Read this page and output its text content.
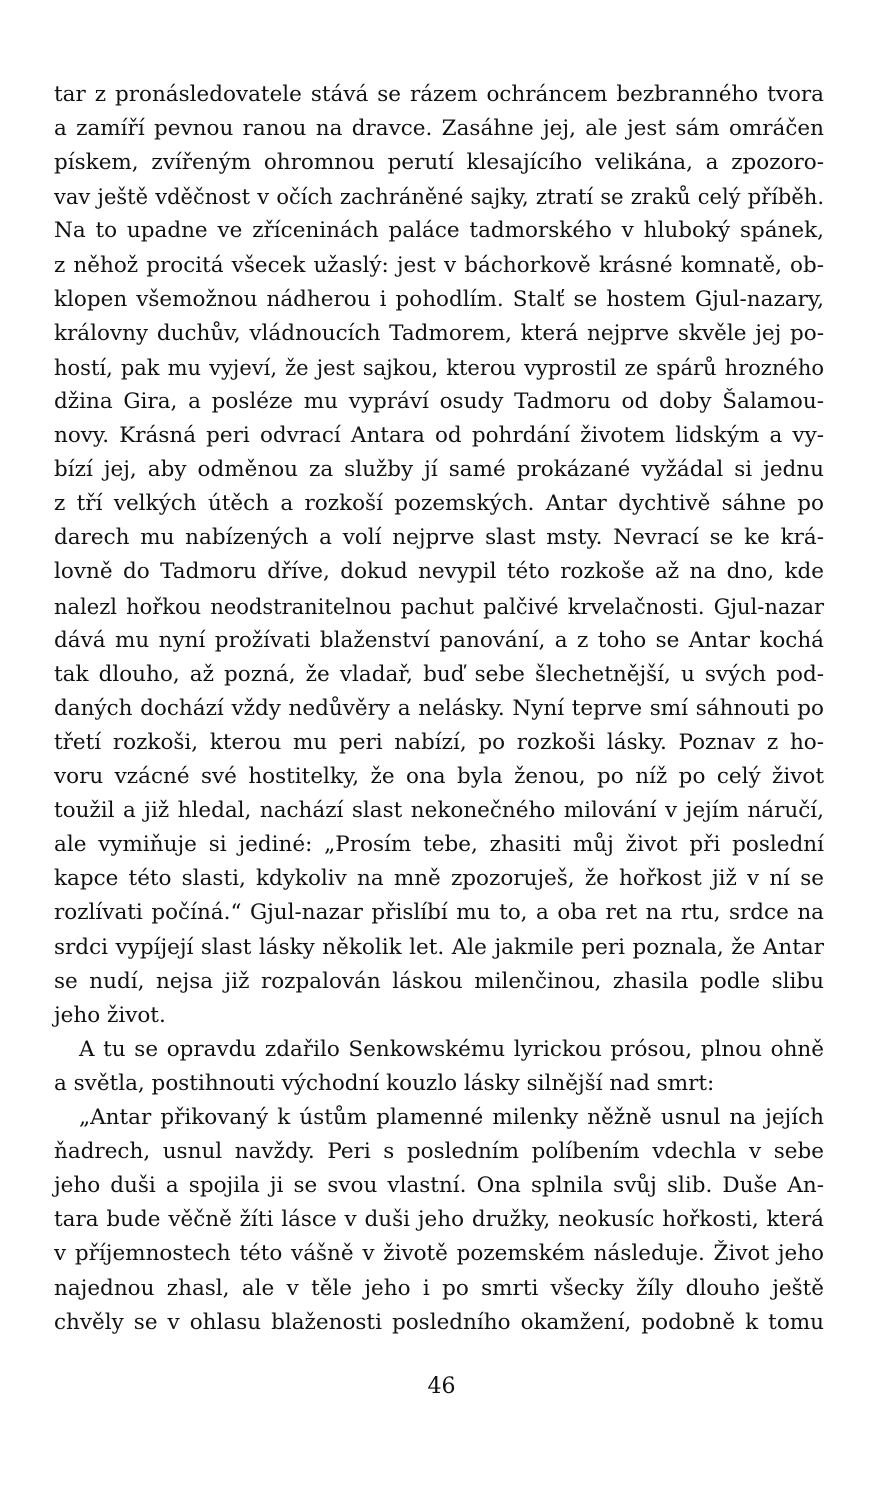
tar z pronásledovatele stává se rázem ochráncem bezbranného tvora
a zamíří pevnou ranou na dravce. Zasáhne jej, ale jest sám omráčen
pískem, zvířeným ohromnou perutí klesajícího velikána, a zpozoro-
vav ještě vděčnost v očích zachráněné sajky, ztratí se zraků celý příběh.
Na to upadne ve zříceninách paláce tadmorského v hluboký spánek,
z něhož procitá všecek užaslý: jest v báchorkově krásné komnatě, ob-
klopen všemožnou nádherou i pohodlím. Stalť se hostem Gjul-nazary,
královny duchův, vládnoucích Tadmorem, která nejprve skvěle jej po-
hostí, pak mu vyjeví, že jest sajkou, kterou vyprostil ze spárů hrozného
džina Gira, a posléze mu vypráví osudy Tadmoru od doby Šalamou-
novy. Krásná peri odvrací Antara od pohrdání životem lidským a vy-
bízí jej, aby odměnou za služby jí samé prokázané vyžádal si jednu
z tří velkých útěch a rozkoší pozemských. Antar dychtivě sáhne po
darech mu nabízených a volí nejprve slast msty. Nevrací se ke krá-
lovně do Tadmoru dříve, dokud nevypil této rozkoše až na dno, kde
nalezl hořkou neodstranitelnou pachut palčivé krvelačnosti. Gjul-nazar
dává mu nyní prožívati blaženství panování, a z toho se Antar kochá
tak dlouho, až pozná, že vladař, buď sebe šlechetnější, u svých pod-
daných dochází vždy nedůvěry a nelásky. Nyní teprve smí sáhnouti po
třetí rozkoši, kterou mu peri nabízí, po rozkoši lásky. Poznav z ho-
voru vzácné své hostitelky, že ona byla ženou, po níž po celý život
toužil a již hledal, nachází slast nekonečného milování v jejím náručí,
ale vymiňuje si jediné: „Prosím tebe, zhasiti můj život při poslední
kapce této slasti, kdykoliv na mně zpozoruješ, že hořkost již v ní se
rozlívati počíná.“ Gjul-nazar přislíbí mu to, a oba ret na rtu, srdce na
srdci vypíjejí slast lásky několik let. Ale jakmile peri poznala, že Antar
se nudí, nejsa již rozpalován láskou milenčinou, zhasila podle slibu
jeho život.
A tu se opravdu zdařilo Senkowskému lyrickou prósou, plnou ohně
a světla, postihnouti východní kouzlo lásky silnější nad smrt:
„Antar přikovaný k ústům plamenné milenky něžně usnul na jejích
ňadrech, usnul navždy. Peri s posledním políbením vdechla v sebe
jeho duši a spojila ji se svou vlastní. Ona splnila svůj slib. Duše An-
tara bude věčně žíti lásce v duši jeho družky, neokusíc hořkosti, která
v příjemnostech této vášně v životě pozemském následuje. Život jeho
najednou zhasl, ale v těle jeho i po smrti všecky žíly dlouho ještě
chvěly se v ohlasu blaženosti posledního okamžení, podobně k tomu
46
